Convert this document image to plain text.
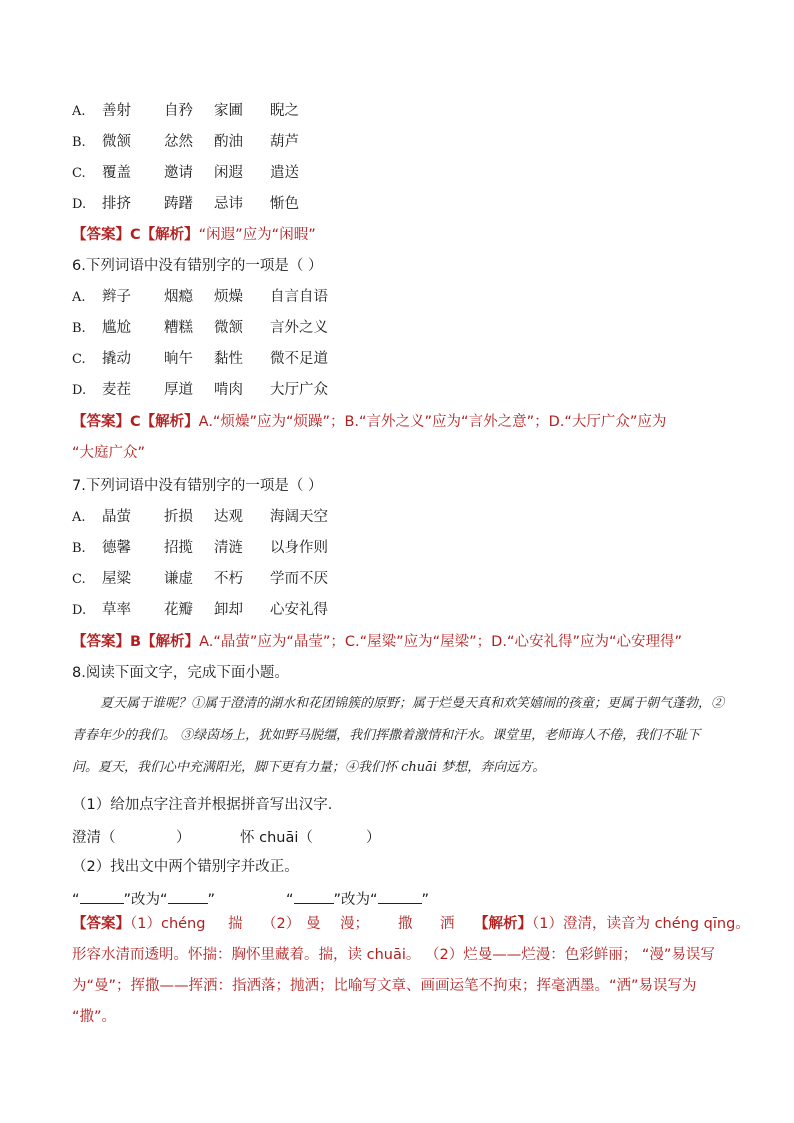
A. 善射 自矜 家圃 睨之
B. 微颔 忿然 酌油 葫芦
C. 覆盖 邀请 闲遐 遣送
D. 排挤 踌躇 忌讳 惭色
【答案】C【解析】“闲遐”应为“闲暇”
6.下列词语中没有错别字的一项是（ ）
A. 辫子 烟瘾 烦燥 自言自语
B. 尴尬 糟糕 微颔 言外之义
C. 撬动 晌午 黏性 微不足道
D. 麦茬 厚道 啃肉 大厅广众
【答案】C【解析】A.“烦燥”应为“烦躁”；B.“言外之义”应为“言外之意”；D.“大厅广众”应为
“大庭广众”
7.下列词语中没有错别字的一项是（ ）
A. 晶萤 折损 达观 海阔天空
B. 德馨 招揽 清涟 以身作则
C. 屋粱 谦虚 不朽 学而不厌
D. 草率 花瓣 卸却 心安礼得
【答案】B【解析】A.“晶萤”应为“晶莹”；C.“屋粱”应为“屋梁”；D.“心安礼得”应为“心安理得”
8.阅读下面文字，完成下面小题。
夏天属于谁呢？①属于澄清的湖水和花团锦簇的原野；属于烂曼天真和欢笑嬉闹的孩童；更属于朝气蓬勃，②青春年少的我们。 ③绿茵场上，犹如野马脱缰，我们挥撒着激情和汗水。课堂里，老师诲人不倦，我们不耻下问。夏天，我们心中充满阳光，脚下更有力量；④我们怀 chuāi 梦想，奔向远方。
（1）给加点字注音并根据拼音写出汉字.
澄清（	）	怀 chuāi（	）
（2）找出文中两个错别字并改正。
“	”改为“	”	“	”改为“	”
【答案】（1）chéng 揣 （2） 曼 漫； 撒 洒 【解析】（1）澄清，读音为 chéng qīng。
形容水清而透明。怀揣：胸怀里藏着。揣，读 chuāi。 （2）烂曼——烂漫：色彩鲜丽； “漫”易误写
为“曼”；挥撒——挥洒：指洒落；抛洒；比喻写文章、画画运笔不拘束；挥毫洒墨。“洒”易误写为
“撒”。
